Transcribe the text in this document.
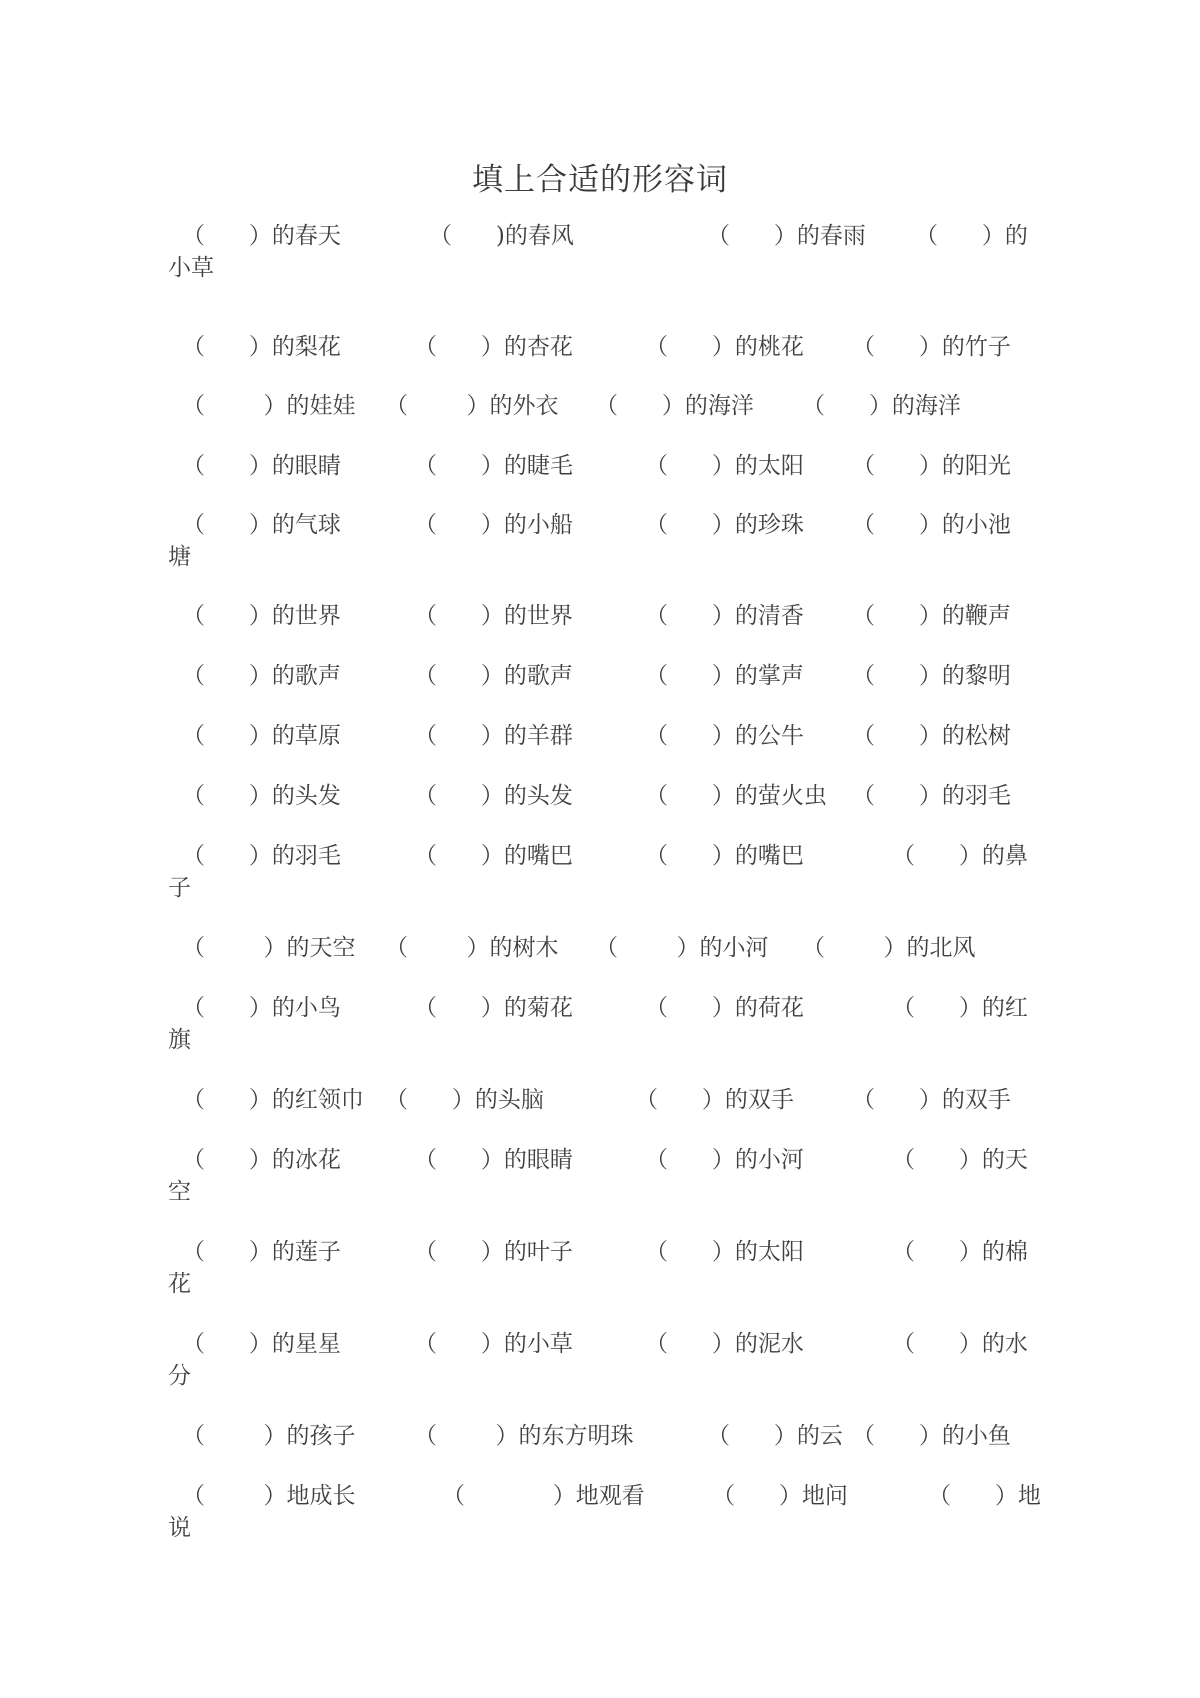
填上合适的形容词
（      ）的春天	（      )的春风	（      ）的春雨 （      ）的
小草
（      ）的梨花	（      ）的杏花	（      ）的桃花 （      ）的竹子
（        ）的娃娃 （        ）的外衣 （      ）的海洋 （      ）的海洋
（      ）的眼睛	（      ）的睫毛	（      ）的太阳 （      ）的阳光
（      ）的气球	（      ）的小船	（      ）的珍珠 （      ）的小池
塘
（      ）的世界	（      ）的世界	（      ）的清香 （      ）的鞭声
（      ）的歌声	（      ）的歌声	（      ）的掌声 （      ）的黎明
（      ）的草原	（      ）的羊群	（      ）的公牛 （      ）的松树
（      ）的头发	（      ）的头发	（      ）的萤火虫 （      ）的羽毛
（      ）的羽毛	（      ）的嘴巴	（      ）的嘴巴	（      ）的鼻
子
（        ）的天空 （        ）的树木 （        ）的小河 （        ）的北风
（      ）的小鸟	（      ）的菊花	（      ）的荷花	（      ）的红
旗
（      ）的红领巾 （      ）的头脑	（      ）的双手	（      ）的双手
（      ）的冰花	（      ）的眼睛	（      ）的小河	（      ）的天
空
（      ）的莲子	（      ）的叶子	（      ）的太阳	（      ）的棉
花
（      ）的星星	（      ）的小草	（      ）的泥水	（      ）的水
分
（        ）的孩子	（        ）的东方明珠	（      ）的云 （      ）的小鱼
（        ）地成长	（            ）地观看	（      ）地问	（      ）地
说
